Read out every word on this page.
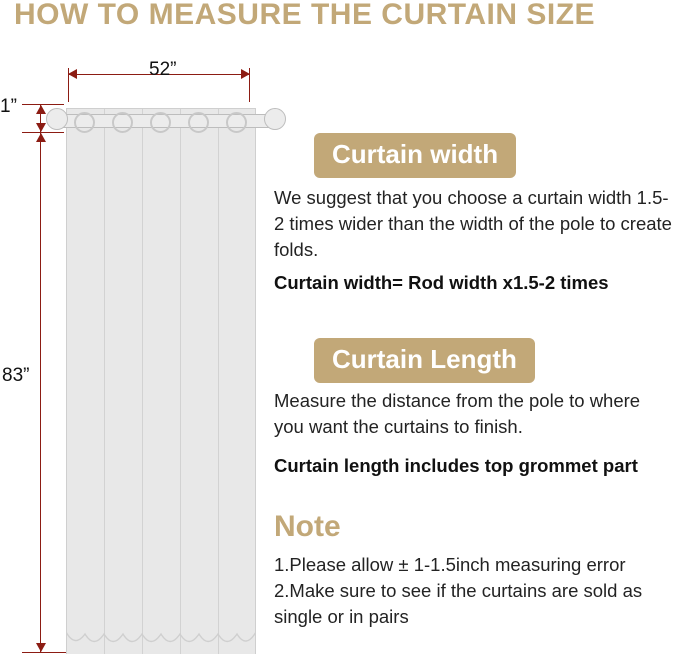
HOW TO MEASURE THE CURTAIN SIZE
52”
1”
83”
Curtain width
We suggest that you choose a curtain width 1.5-2 times wider than the width of the pole to create folds.
Curtain width= Rod width x1.5-2 times
Curtain Length
Measure the distance from the pole to where you want the curtains to finish.
Curtain length includes top grommet part
Note
1.Please allow ± 1-1.5inch measuring error
2.Make sure to see if the curtains are sold as single or in pairs
